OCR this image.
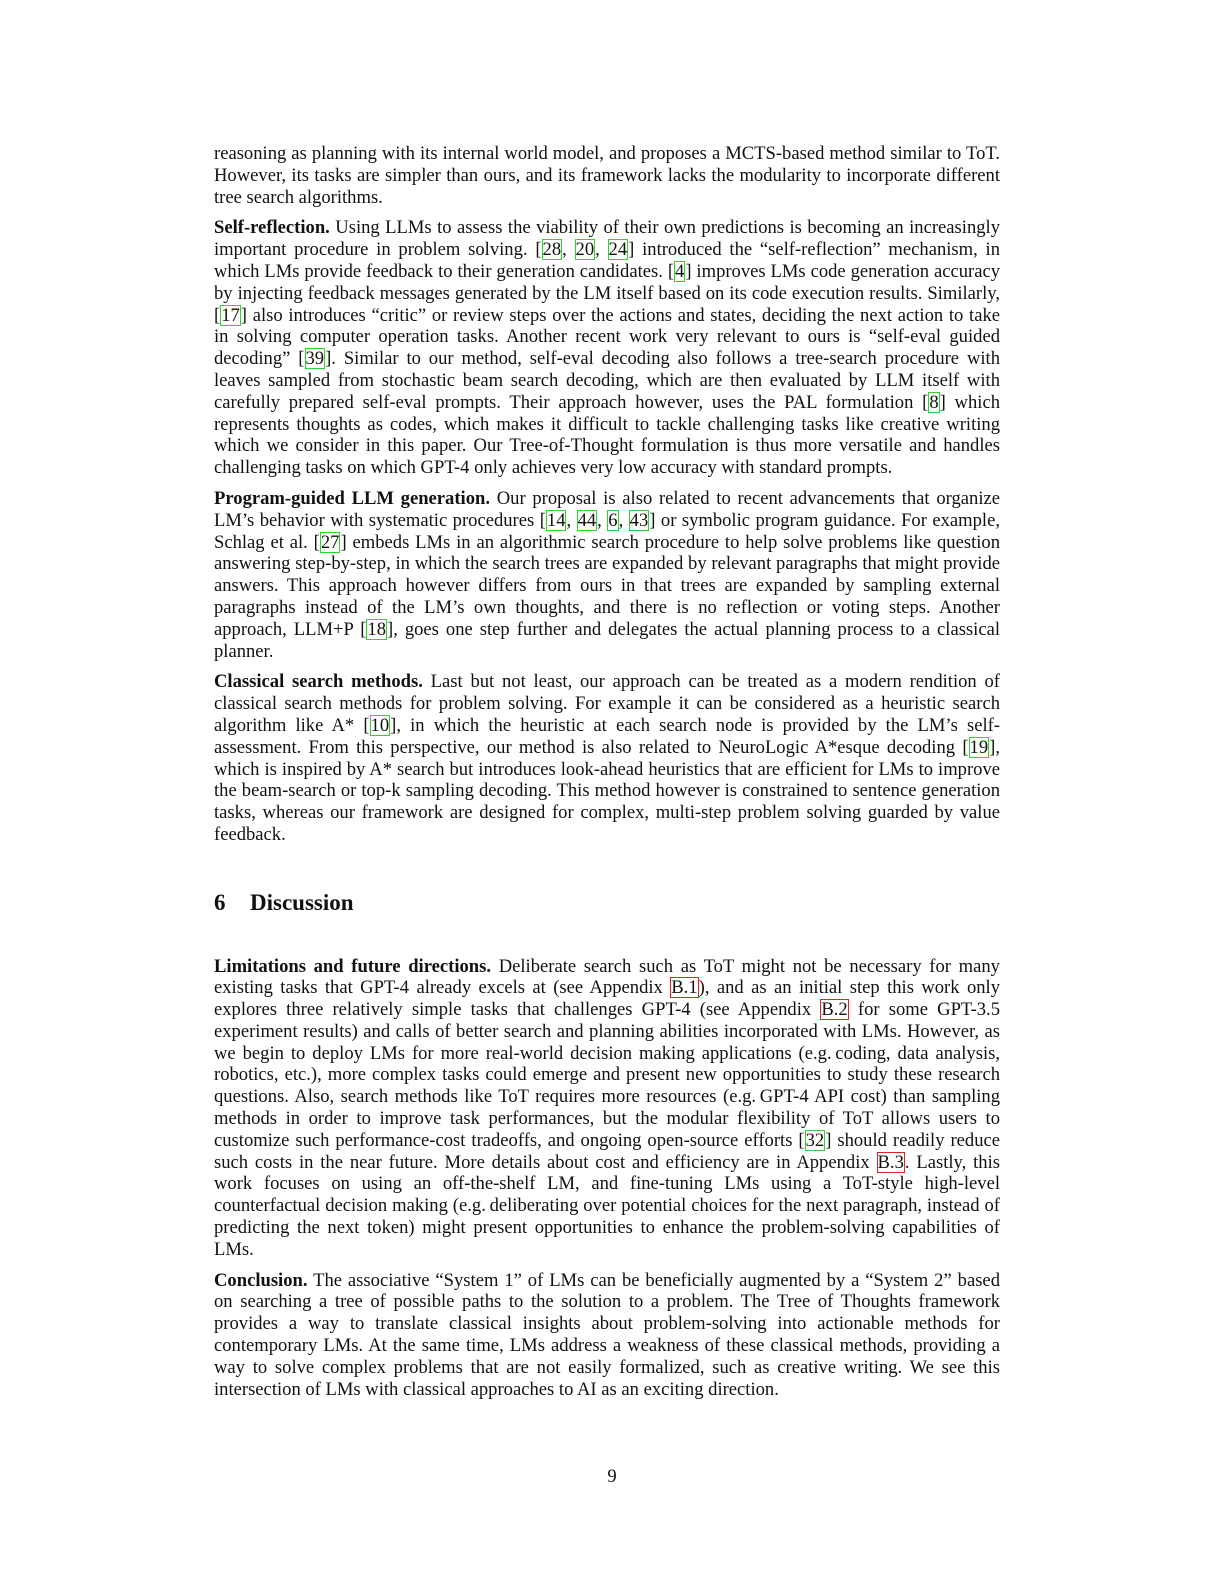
reasoning as planning with its internal world model, and proposes a MCTS-based method similar to ToT. However, its tasks are simpler than ours, and its framework lacks the modularity to incorporate different tree search algorithms.

Self-reflection. Using LLMs to assess the viability of their own predictions is becoming an increasingly important procedure in problem solving. [28, 20, 24] introduced the “self-reflection” mechanism, in which LMs provide feedback to their generation candidates. [4] improves LMs code generation accuracy by injecting feedback messages generated by the LM itself based on its code execution results. Similarly, [17] also introduces “critic” or review steps over the actions and states, deciding the next action to take in solving computer operation tasks. Another recent work very relevant to ours is “self-eval guided decoding” [39]. Similar to our method, self-eval decoding also follows a tree-search procedure with leaves sampled from stochastic beam search decoding, which are then evaluated by LLM itself with carefully prepared self-eval prompts. Their approach however, uses the PAL formulation [8] which represents thoughts as codes, which makes it difficult to tackle challenging tasks like creative writing which we consider in this paper. Our Tree-of-Thought formulation is thus more versatile and handles challenging tasks on which GPT-4 only achieves very low accuracy with standard prompts.

Program-guided LLM generation. Our proposal is also related to recent advancements that organize LM’s behavior with systematic procedures [14, 44, 6, 43] or symbolic program guidance. For example, Schlag et al. [27] embeds LMs in an algorithmic search procedure to help solve problems like question answering step-by-step, in which the search trees are expanded by relevant paragraphs that might provide answers. This approach however differs from ours in that trees are expanded by sampling external paragraphs instead of the LM’s own thoughts, and there is no reflection or voting steps. Another approach, LLM+P [18], goes one step further and delegates the actual planning process to a classical planner.

Classical search methods. Last but not least, our approach can be treated as a modern rendition of classical search methods for problem solving. For example it can be considered as a heuristic search algorithm like A* [10], in which the heuristic at each search node is provided by the LM’s self-assessment. From this perspective, our method is also related to NeuroLogic A*esque decoding [19], which is inspired by A* search but introduces look-ahead heuristics that are efficient for LMs to improve the beam-search or top-k sampling decoding. This method however is constrained to sentence generation tasks, whereas our framework are designed for complex, multi-step problem solving guarded by value feedback.

6 Discussion

Limitations and future directions. Deliberate search such as ToT might not be necessary for many existing tasks that GPT-4 already excels at (see Appendix B.1), and as an initial step this work only explores three relatively simple tasks that challenges GPT-4 (see Appendix B.2 for some GPT-3.5 experiment results) and calls of better search and planning abilities incorporated with LMs. However, as we begin to deploy LMs for more real-world decision making applications (e.g. coding, data analysis, robotics, etc.), more complex tasks could emerge and present new opportunities to study these research questions. Also, search methods like ToT requires more resources (e.g. GPT-4 API cost) than sampling methods in order to improve task performances, but the modular flexibility of ToT allows users to customize such performance-cost tradeoffs, and ongoing open-source efforts [32] should readily reduce such costs in the near future. More details about cost and efficiency are in Appendix B.3. Lastly, this work focuses on using an off-the-shelf LM, and fine-tuning LMs using a ToT-style high-level counterfactual decision making (e.g. deliberating over potential choices for the next paragraph, instead of predicting the next token) might present opportunities to enhance the problem-solving capabilities of LMs.

Conclusion. The associative “System 1” of LMs can be beneficially augmented by a “System 2” based on searching a tree of possible paths to the solution to a problem. The Tree of Thoughts framework provides a way to translate classical insights about problem-solving into actionable methods for contemporary LMs. At the same time, LMs address a weakness of these classical methods, providing a way to solve complex problems that are not easily formalized, such as creative writing. We see this intersection of LMs with classical approaches to AI as an exciting direction.

9
